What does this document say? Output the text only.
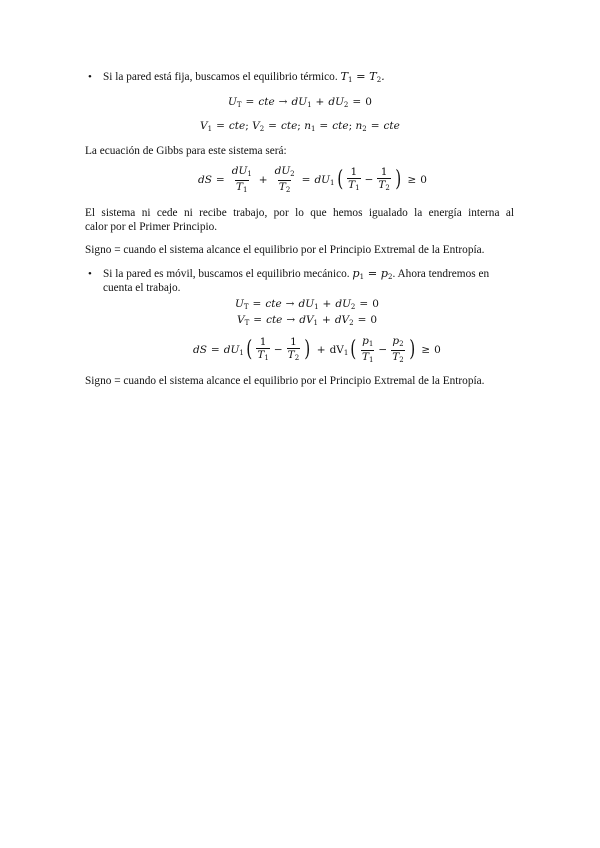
• Si la pared está fija, buscamos el equilibrio térmico. $T_1 = T_2$.
$U_T$ = cte → $dU_1 + dU_2 = 0$
$V_1$ = cte ;
$V_2$ = cte ;
$n_1$ = cte ;
$n_2$ = cte
La ecuación de Gibbs para este sistema será:
dS = $\frac{dU_1}{T_1} + \frac{dU_2}{T_2} = dU_1$ ( $\frac{1}{T_1} - \frac{1}{T_2}$ ) ≥ 0
El sistema ni cede ni recibe trabajo, por lo que hemos igualado la energía interna al
calor por el Primer Principio.
Signo = cuando el sistema alcance el equilibrio por el Principio Extremal de la Entropía.
• Si la pared es móvil, buscamos el equilibrio mecánico. $p_1 = p_2$. Ahora tendremos en
cuenta el trabajo.
$U_T$ = cte → $dU_1 + dU_2 = 0$
$V_T$ = cte → $dV_1 + dV_2 = 0$
dS = $dU_1$ ( $\frac{1}{T_1} - \frac{1}{T_2}$ ) + $dV_1$ ( $\frac{p_1}{T_1} - \frac{p_2}{T_2}$ ) ≥ 0
Signo = cuando el sistema alcance el equilibrio por el Principio Extremal de la Entropía.
